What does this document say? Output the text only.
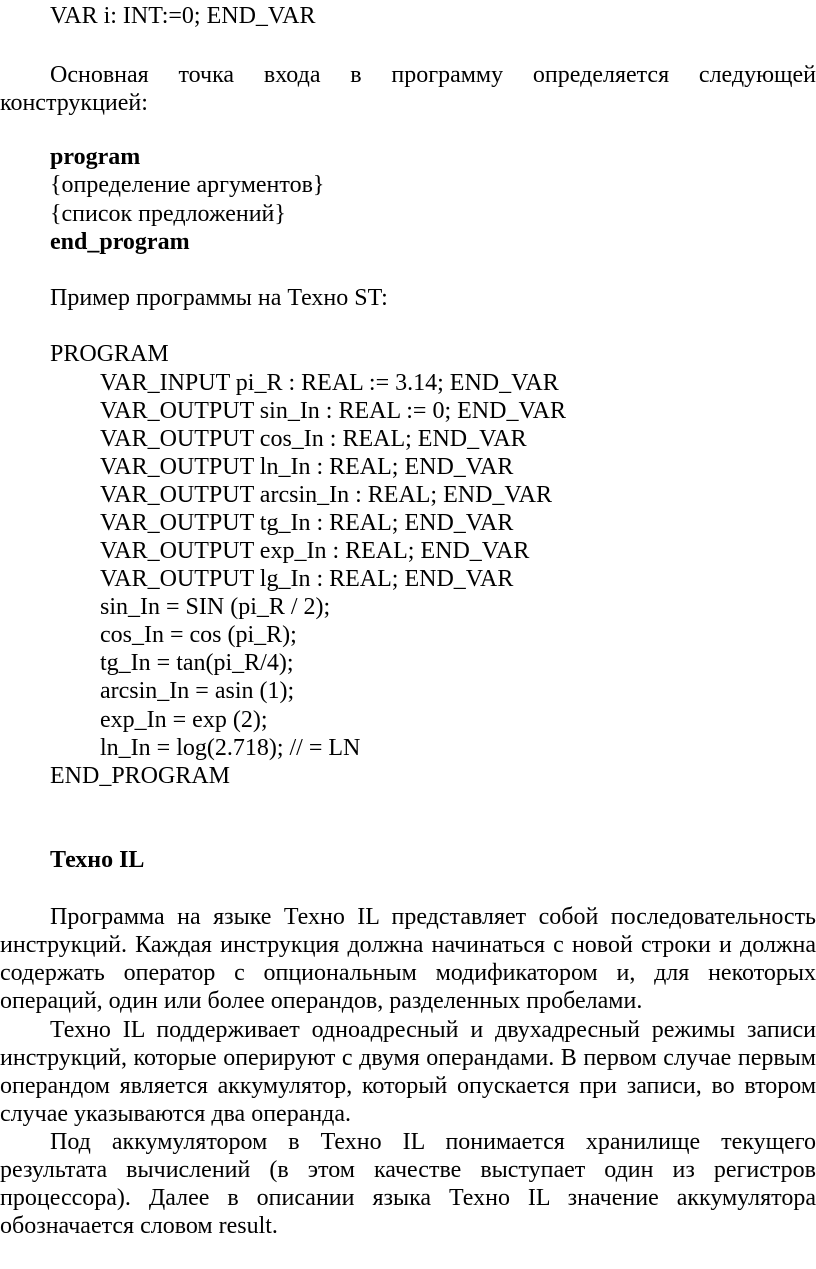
VAR i: INT:=0; END_VAR
Основная точка входа в программу определяется следующей
конструкцией:
program
{определение аргументов}
{список предложений}
end_program
Пример программы на Техно ST:
PROGRAM
VAR_INPUT pi_R : REAL := 3.14; END_VAR
VAR_OUTPUT sin_In : REAL := 0; END_VAR
VAR_OUTPUT cos_In : REAL; END_VAR
VAR_OUTPUT ln_In : REAL; END_VAR
VAR_OUTPUT arcsin_In : REAL; END_VAR
VAR_OUTPUT tg_In : REAL; END_VAR
VAR_OUTPUT exp_In : REAL; END_VAR
VAR_OUTPUT lg_In : REAL; END_VAR
sin_In = SIN (pi_R / 2);
cos_In = cos (pi_R);
tg_In = tan(pi_R/4);
arcsin_In = asin (1);
exp_In = exp (2);
ln_In = log(2.718); // = LN
END_PROGRAM
Техно IL
Программа на языке Техно IL представляет собой последовательность
инструкций. Каждая инструкция должна начинаться с новой строки и должна
содержать оператор с опциональным модификатором и, для некоторых
операций, один или более операндов, разделенных пробелами.
Техно IL поддерживает одноадресный и двухадресный режимы записи
инструкций, которые оперируют с двумя операндами. В первом случае первым
операндом является аккумулятор, который опускается при записи, во втором
случае указываются два операнда.
Под аккумулятором в Техно IL понимается хранилище текущего
результата вычислений (в этом качестве выступает один из регистров
процессора). Далее в описании языка Техно IL значение аккумулятора
обозначается словом result.
